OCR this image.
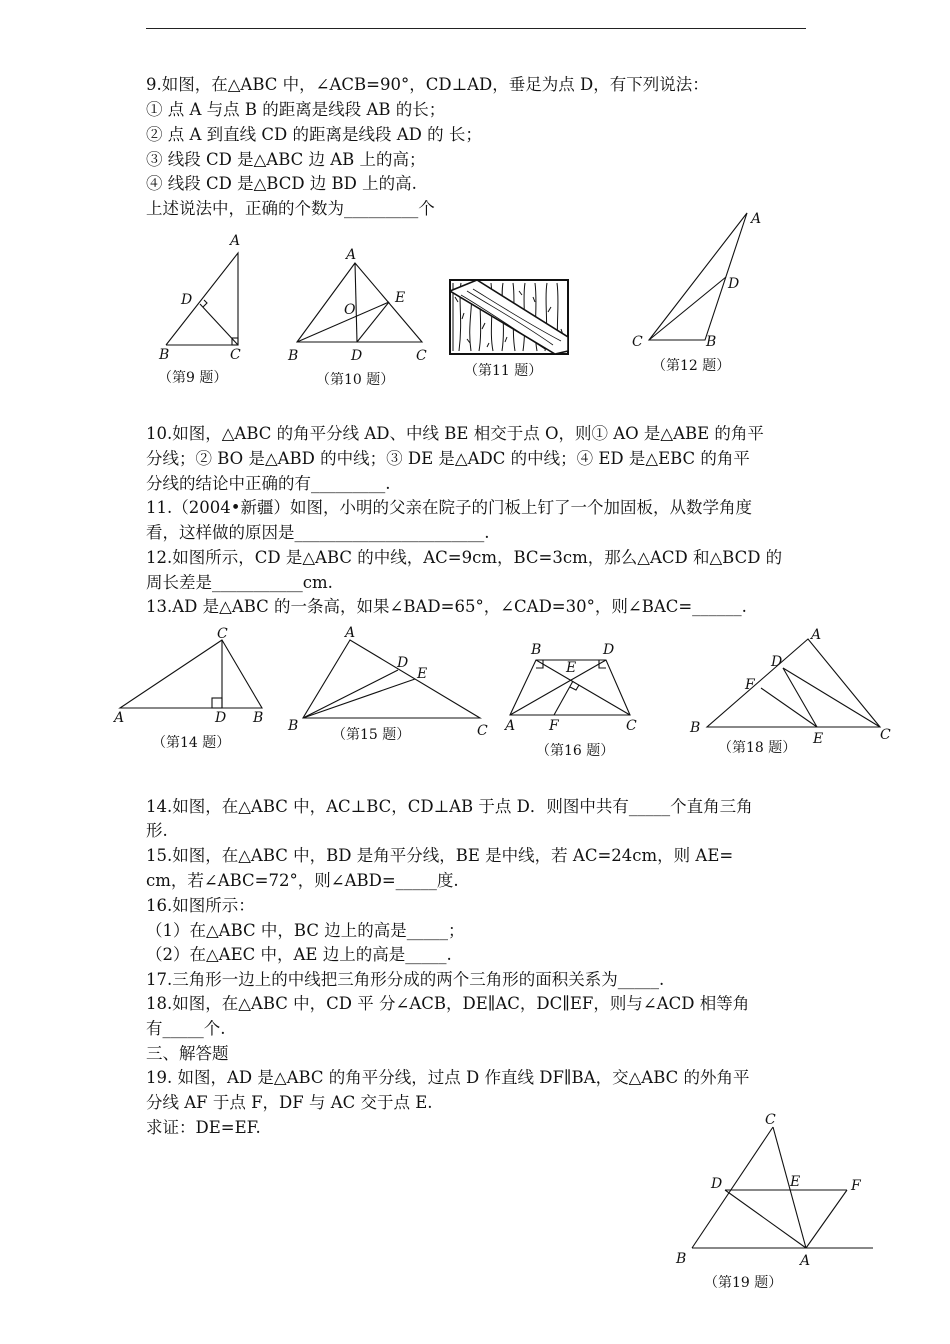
9.如图，在△ABC 中，∠ACB=90°，CD⊥AD，垂足为点 D，有下列说法：
① 点 A 与点 B 的距离是线段 AB 的长；
② 点 A 到直线 CD 的距离是线段 AD 的 长；
③ 线段 CD 是△ABC 边 AB 上的高；
④ 线段 CD 是△BCD 边 BD 上的高.
上述说法中，正确的个数为_________个
A
D
B	C
（第9 题）
A
O
E
B	D	C
（第10 题）
（第11 题）
A
D
C	B
（第12 题）
10.如图，△ABC 的角平分线 AD、中线 BE 相交于点 O，则① AO 是△ABE 的角平
分线；② BO 是△ABD 的中线；③ DE 是△ADC 的中线；④ ED 是△EBC 的角平
分线的结论中正确的有_________.
11.（2004•新疆）如图，小明的父亲在院子的门板上钉了一个加固板，从数学角度
看，这样做的原因是_______________________.
12.如图所示，CD 是△ABC 的中线，AC=9cm，BC=3cm，那么△ACD 和△BCD 的
周长差是___________cm.
13.AD 是△ABC 的一条高，如果∠BAD=65°，∠CAD=30°，则∠BAC=______.
C
A	D B
（第14 题）
A
D
E
B	C
（第15 题）
B	D
E
A F	C
（第16 题）
A
D
F
B
E	C
（第18 题）
14.如图，在△ABC 中，AC⊥BC，CD⊥AB 于点 D．则图中共有_____个直角三角
形.
15.如图，在△ABC 中，BD 是角平分线，BE 是中线，若 AC=24cm，则 AE=
cm，若∠ABC=72°，则∠ABD=_____度.
16.如图所示：
（1）在△ABC 中，BC 边上的高是_____；
（2）在△AEC 中，AE 边上的高是_____.
17.三角形一边上的中线把三角形分成的两个三角形的面积关系为_____.
18.如图，在△ABC 中，CD 平 分∠ACB，DE∥AC，DC∥EF，则与∠ACD 相等角
有_____个.
三、解答题
19. 如图，AD 是△ABC 的角平分线，过点 D 作直线 DF∥BA，交△ABC 的外角平
分线 AF 于点 F，DF 与 AC 交于点 E.
求证：DE=EF.	C
D	E	F
B	A
（第19 题）
